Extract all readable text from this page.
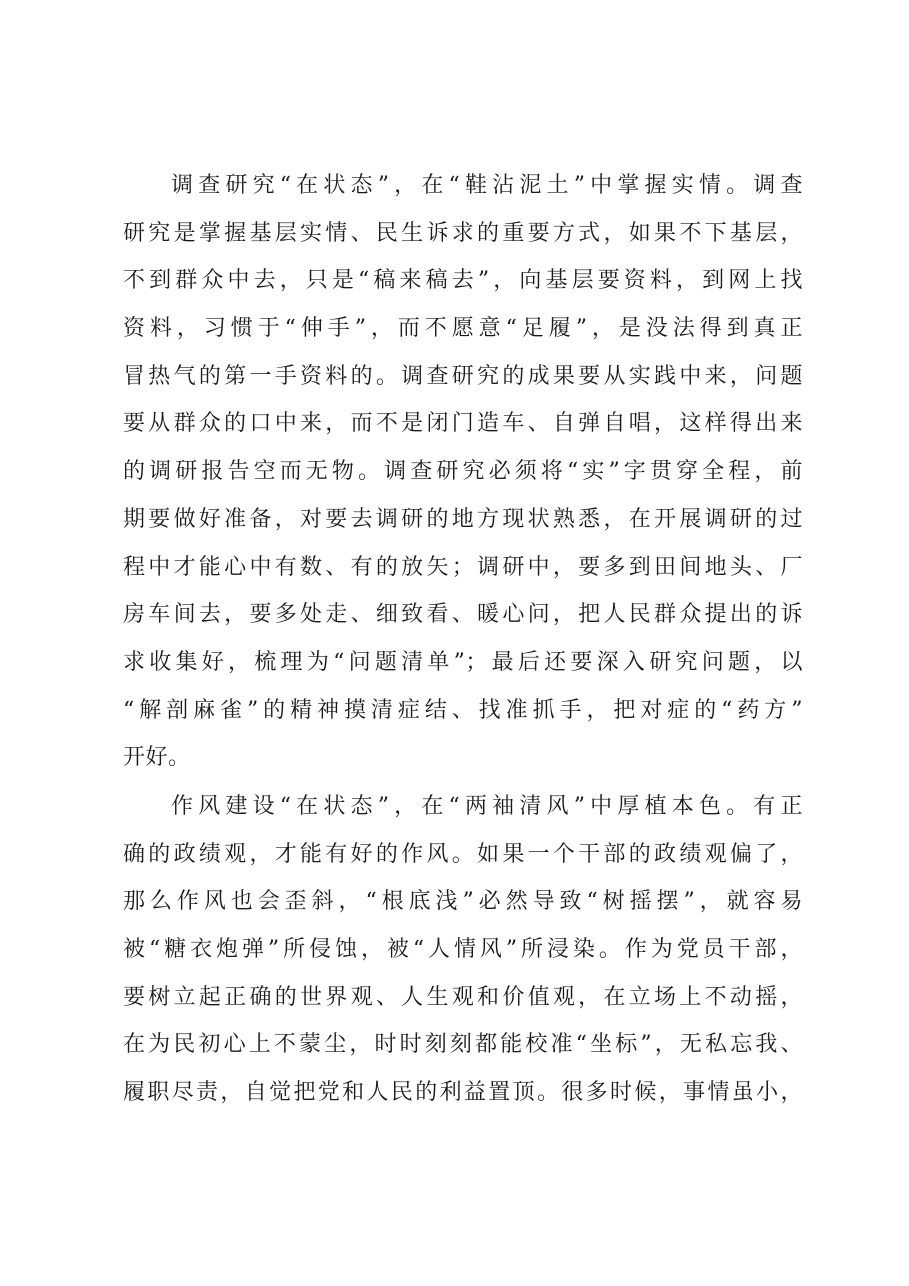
调查研究“在状态”，在“鞋沾泥土”中掌握实情。调查
研究是掌握基层实情、民生诉求的重要方式，如果不下基层，
不到群众中去，只是“稿来稿去”，向基层要资料，到网上找
资料，习惯于“伸手”，而不愿意“足履”，是没法得到真正
冒热气的第一手资料的。调查研究的成果要从实践中来，问题
要从群众的口中来，而不是闭门造车、自弹自唱，这样得出来
的调研报告空而无物。调查研究必须将“实”字贯穿全程，前
期要做好准备，对要去调研的地方现状熟悉，在开展调研的过
程中才能心中有数、有的放矢；调研中，要多到田间地头、厂
房车间去，要多处走、细致看、暖心问，把人民群众提出的诉
求收集好，梳理为“问题清单”；最后还要深入研究问题，以
“解剖麻雀”的精神摸清症结、找准抓手，把对症的“药方”
开好。
作风建设“在状态”，在“两袖清风”中厚植本色。有正
确的政绩观，才能有好的作风。如果一个干部的政绩观偏了，
那么作风也会歪斜，“根底浅”必然导致“树摇摆”，就容易
被“糖衣炮弹”所侵蚀，被“人情风”所浸染。作为党员干部，
要树立起正确的世界观、人生观和价值观，在立场上不动摇，
在为民初心上不蒙尘，时时刻刻都能校准“坐标”，无私忘我、
履职尽责，自觉把党和人民的利益置顶。很多时候，事情虽小，
